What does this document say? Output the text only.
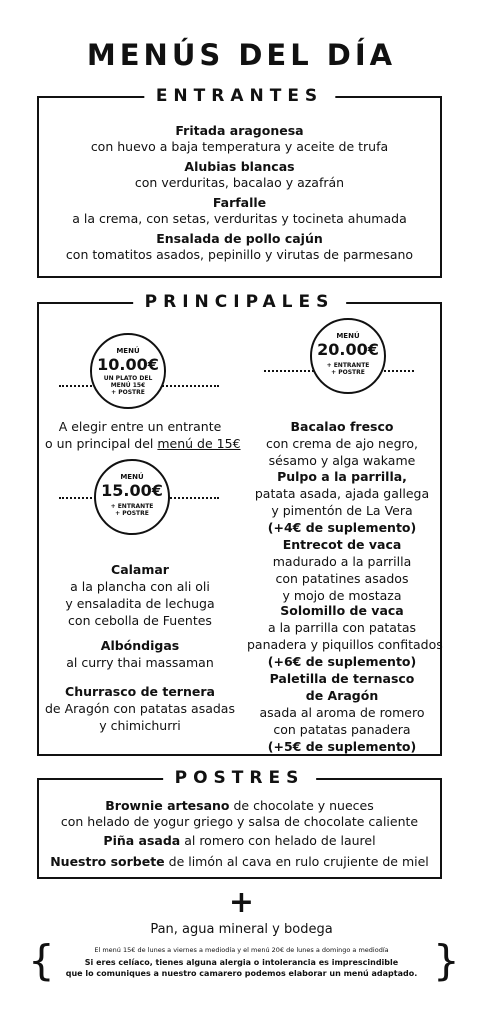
MENÚS DEL DÍA
ENTRANTES
Fritada aragonesa
con huevo a baja temperatura y aceite de trufa
Alubias blancas
con verduritas, bacalao y azafrán
Farfalle
a la crema, con setas, verduritas y tocineta ahumada
Ensalada de pollo cajún
con tomatitos asados, pepinillo y virutas de parmesano
PRINCIPALES
MENÚ
10.00€
UN PLATO DEL
MENÚ 15€
+ POSTRE
MENÚ
20.00€
+ ENTRANTE
+ POSTRE
MENÚ
15.00€
+ ENTRANTE
+ POSTRE
A elegir entre un entrante
o un principal del menú de 15€
Calamar
a la plancha con ali oli
y ensaladita de lechuga
con cebolla de Fuentes
Albóndigas
al curry thai massaman
Churrasco de ternera
de Aragón con patatas asadas
y chimichurri
Bacalao fresco
con crema de ajo negro,
sésamo y alga wakame
Pulpo a la parrilla,
patata asada, ajada gallega
y pimentón de La Vera
(+4€ de suplemento)
Entrecot de vaca
madurado a la parrilla
con patatines asados
y mojo de mostaza
Solomillo de vaca
a la parrilla con patatas
panadera y piquillos confitados
(+6€ de suplemento)
Paletilla de ternasco
de Aragón
asada al aroma de romero
con patatas panadera
(+5€ de suplemento)
POSTRES
Brownie artesano de chocolate y nueces
con helado de yogur griego y salsa de chocolate caliente
Piña asada al romero con helado de laurel
Nuestro sorbete de limón al cava en rulo crujiente de miel
+
Pan, agua mineral y bodega
{	}
El menú 15€ de lunes a viernes a mediodía y el menú 20€ de lunes a domingo a mediodía
Si eres celíaco, tienes alguna alergia o intolerancia es imprescindible
que lo comuniques a nuestro camarero podemos elaborar un menú adaptado.
